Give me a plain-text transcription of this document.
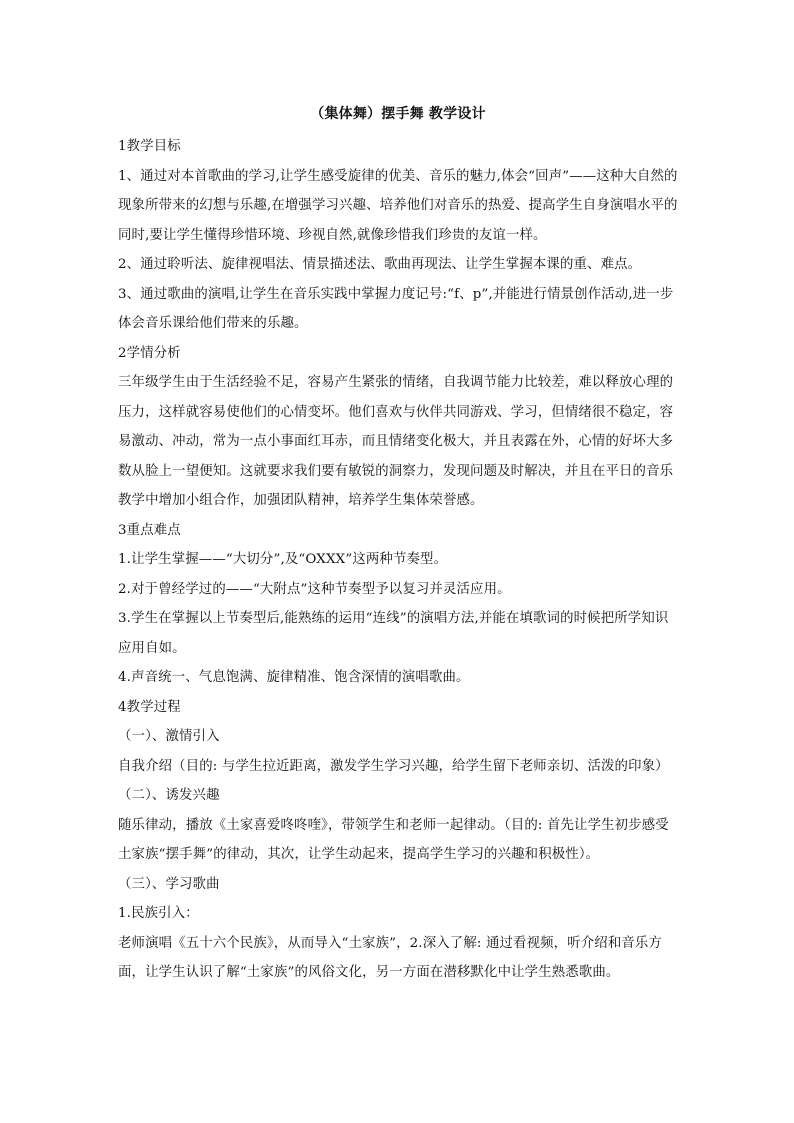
（集体舞）摆手舞 教学设计
1教学目标
1、通过对本首歌曲的学习,让学生感受旋律的优美、音乐的魅力,体会“回声”——这种大自然的现象所带来的幻想与乐趣,在增强学习兴趣、培养他们对音乐的热爱、提高学生自身演唱水平的同时,要让学生懂得珍惜环境、珍视自然,就像珍惜我们珍贵的友谊一样。
2、通过聆听法、旋律视唱法、情景描述法、歌曲再现法、让学生掌握本课的重、难点。
3、通过歌曲的演唱,让学生在音乐实践中掌握力度记号:“f、p”,并能进行情景创作活动,进一步体会音乐课给他们带来的乐趣。
2学情分析
三年级学生由于生活经验不足，容易产生紧张的情绪，自我调节能力比较差，难以释放心理的压力，这样就容易使他们的心情变坏。他们喜欢与伙伴共同游戏、学习，但情绪很不稳定，容易激动、冲动，常为一点小事面红耳赤，而且情绪变化极大，并且表露在外，心情的好坏大多数从脸上一望便知。这就要求我们要有敏锐的洞察力，发现问题及时解决，并且在平日的音乐教学中增加小组合作，加强团队精神，培养学生集体荣誉感。
3重点难点
1.让学生掌握——“大切分”,及“OXXX”这两种节奏型。
2.对于曾经学过的——“大附点”这种节奏型予以复习并灵活应用。
3.学生在掌握以上节奏型后,能熟练的运用“连线”的演唱方法,并能在填歌词的时候把所学知识应用自如。
4.声音统一、气息饱满、旋律精准、饱含深情的演唱歌曲。
4教学过程
（一）、激情引入
自我介绍（目的: 与学生拉近距离，激发学生学习兴趣，给学生留下老师亲切、活泼的印象）
（二）、诱发兴趣
随乐律动，播放《土家喜爱咚咚喹》，带领学生和老师一起律动。（目的: 首先让学生初步感受土家族“摆手舞”的律动，其次，让学生动起来，提高学生学习的兴趣和积极性）。
（三）、学习歌曲
1.民族引入：
老师演唱《五十六个民族》，从而导入“土家族”，2.深入了解: 通过看视频，听介绍和音乐方面，让学生认识了解“土家族”的风俗文化，另一方面在潜移默化中让学生熟悉歌曲。
